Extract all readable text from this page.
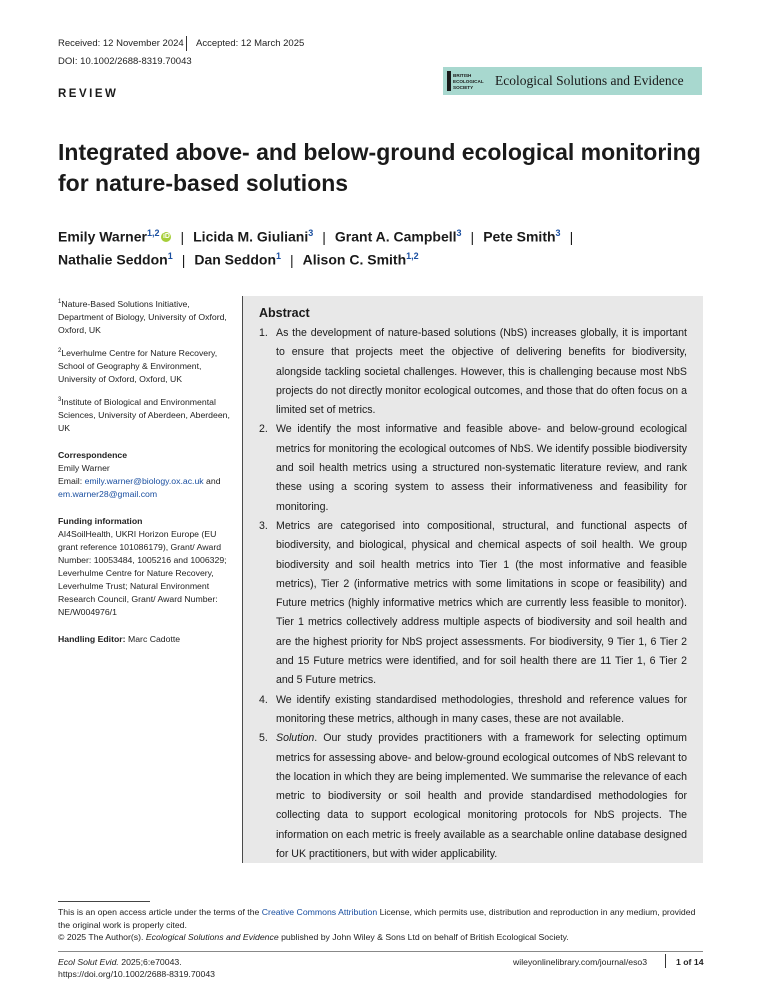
Received: 12 November 2024 Accepted: 12 March 2025
DOI: 10.1002/2688-8319.70043
BRITISH
ECOLOGICAL
SOCIETY Ecological Solutions and Evidence
REVIEW
Integrated above- and below-ground ecological monitoring for nature-based solutions
Emily Warner$^{1,2}$ iD | Licida M. Giuliani$^3$ | Grant A. Campbell$^3$ | Pete Smith$^3$ |
Nathalie Seddon$^1$ | Dan Seddon$^1$ | Alison C. Smith$^{1,2}$

$^1$Nature-Based Solutions Initiative, Department of Biology, University of Oxford, Oxford, UK

$^2$Leverhulme Centre for Nature Recovery, School of Geography & Environment, University of Oxford, Oxford, UK

$^3$Institute of Biological and Environmental Sciences, University of Aberdeen, Aberdeen, UK

Correspondence

Emily Warner

Email: emily.warner@biology.ox.ac.uk and em.warner28@gmail.com

Funding information

AI4SoilHealth, UKRI Horizon Europe (EU grant reference 101086179), Grant/ Award Number: 10053484, 1005216 and 1006329; Leverhulme Centre for Nature Recovery, Leverhulme Trust; Natural Environment Research Council, Grant/ Award Number: NE/W004976/1

Handling Editor: Marc Cadotte

Abstract
1. As the development of nature-based solutions (NbS) increases globally, it is important to ensure that projects meet the objective of delivering benefits for biodiversity, alongside tackling societal challenges. However, this is challenging because most NbS projects do not directly monitor ecological outcomes, and those that do often focus on a limited set of metrics.
2. We identify the most informative and feasible above- and below-ground ecological metrics for monitoring the ecological outcomes of NbS. We identify possible biodiversity and soil health metrics using a structured non-systematic literature review, and rank these using a scoring system to assess their informativeness and feasibility for monitoring.
3. Metrics are categorised into compositional, structural, and functional aspects of biodiversity, and biological, physical and chemical aspects of soil health. We group biodiversity and soil health metrics into Tier 1 (the most informative and feasible metrics), Tier 2 (informative metrics with some limitations in scope or feasibility) and Future metrics (highly informative metrics which are currently less feasible to monitor). Tier 1 metrics collectively address multiple aspects of biodiversity and soil health and are the highest priority for NbS project assessments. For biodiversity, 9 Tier 1, 6 Tier 2 and 15 Future metrics were identified, and for soil health there are 11 Tier 1, 6 Tier 2 and 5 Future metrics.
4. We identify existing standardised methodologies, threshold and reference values for monitoring these metrics, although in many cases, these are not available.
5. Solution. Our study provides practitioners with a framework for selecting optimum metrics for assessing above- and below-ground ecological outcomes of NbS relevant to the location in which they are being implemented. We summarise the relevance of each metric to biodiversity or soil health and provide standardised methodologies for collecting data to support ecological monitoring protocols for NbS projects. The information on each metric is freely available as a searchable online database designed for UK practitioners, but with wider applicability.
This is an open access article under the terms of the Creative Commons Attribution License, which permits use, distribution and reproduction in any medium, provided the original work is properly cited.
© 2025 The Author(s). Ecological Solutions and Evidence published by John Wiley & Sons Ltd on behalf of British Ecological Society.
Ecol Solut Evid. 2025;6:e70043.
https://doi.org/10.1002/2688-8319.70043
wileyonlinelibrary.com/journal/eso3	1 of 14
